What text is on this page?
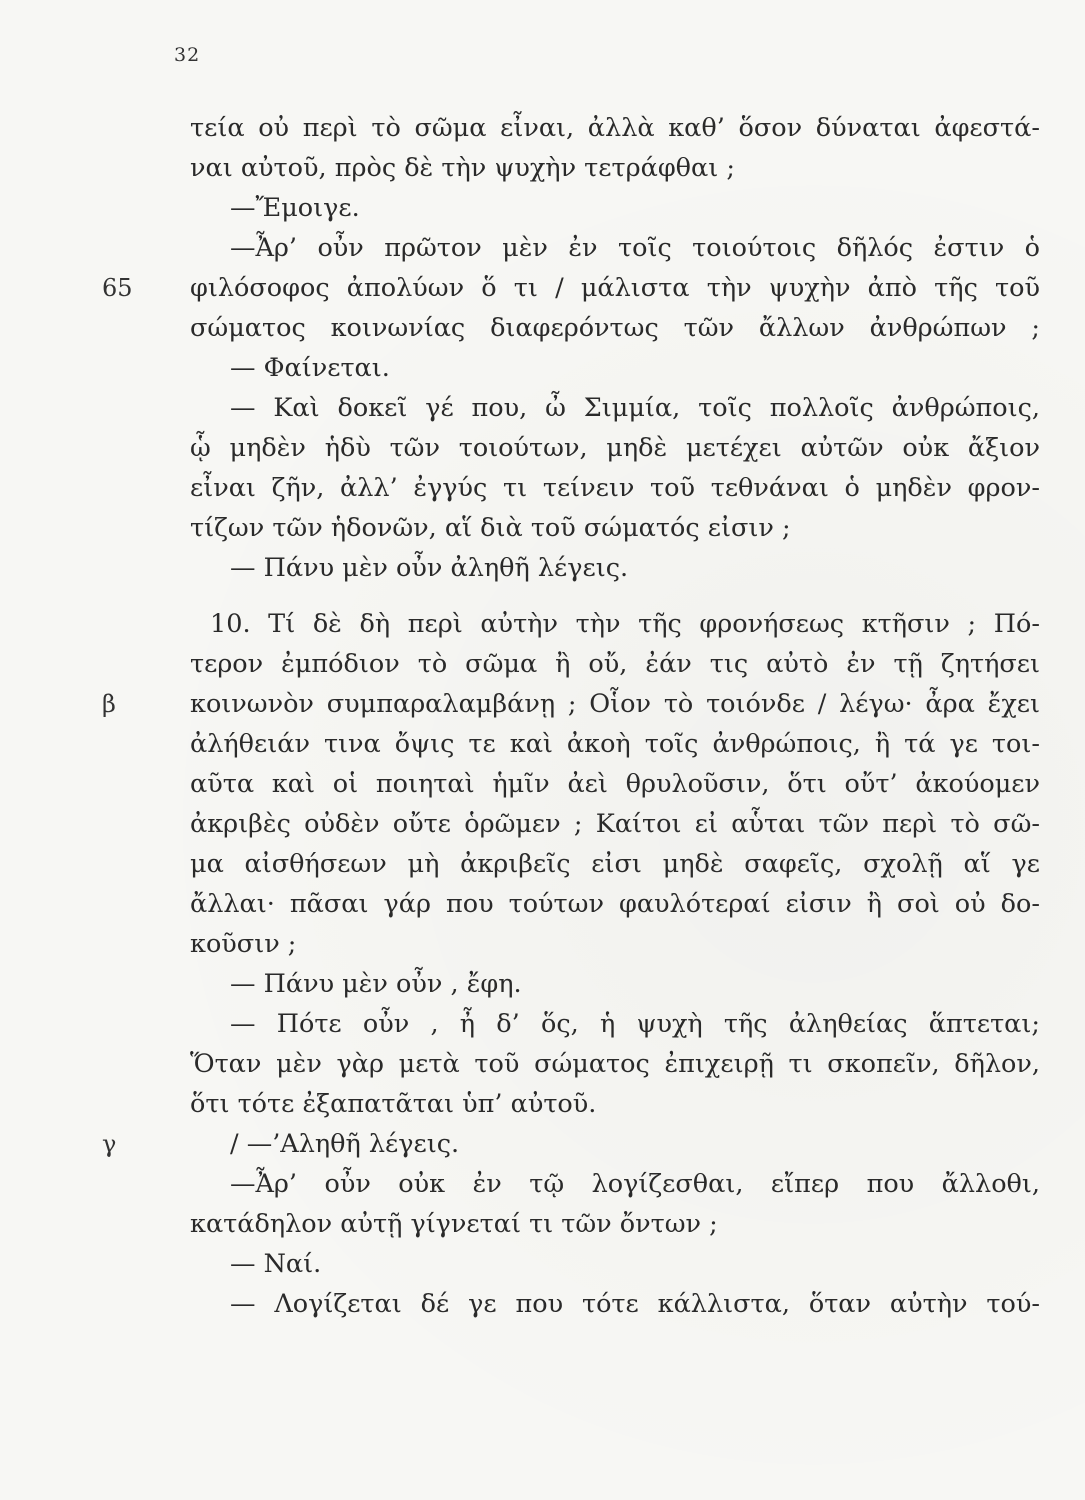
32
τεία οὐ περὶ τὸ σῶμα εἶναι, ἀλλὰ καθ’ ὅσον δύναται ἀφεστά-
ναι αὐτοῦ, πρὸς δὲ τὴν ψυχὴν τετράφθαι ;
—Ἔμοιγε.
—Ἆρ’ οὖν πρῶτον μὲν ἐν τοῖς τοιούτοις δῆλός ἐστιν ὁ
65	φιλόσοφος ἀπολύων ὅ τι / μάλιστα τὴν ψυχὴν ἀπὸ τῆς τοῦ
σώματος κοινωνίας διαφερόντως τῶν ἄλλων ἀνθρώπων ;
— Φαίνεται.
— Καὶ δοκεῖ γέ που, ὦ Σιμμία, τοῖς πολλοῖς ἀνθρώποις,
ᾧ μηδὲν ἡδὺ τῶν τοιούτων, μηδὲ μετέχει αὐτῶν οὐκ ἄξιον
εἶναι ζῆν, ἀλλ’ ἐγγύς τι τείνειν τοῦ τεθνάναι ὁ μηδὲν φρον-
τίζων τῶν ἡδονῶν, αἵ διὰ τοῦ σώματός εἰσιν ;
— Πάνυ μὲν οὖν ἀληθῆ λέγεις.
10. Τί δὲ δὴ περὶ αὐτὴν τὴν τῆς φρονήσεως κτῆσιν ; Πό-
τερον ἐμπόδιον τὸ σῶμα ἢ οὔ, ἐάν τις αὐτὸ ἐν τῇ ζητήσει
β	κοινωνὸν συμπαραλαμβάνῃ ; Οἷον τὸ τοιόνδε / λέγω· ἆρα ἔχει
ἀλήθειάν τινα ὄψις τε καὶ ἀκοὴ τοῖς ἀνθρώποις, ἢ τά γε τοι-
αῦτα καὶ οἱ ποιηταὶ ἡμῖν ἀεὶ θρυλοῦσιν, ὅτι οὔτ’ ἀκούομεν
ἀκριβὲς οὐδὲν οὔτε ὁρῶμεν ; Καίτοι εἰ αὗται τῶν περὶ τὸ σῶ-
μα αἰσθήσεων μὴ ἀκριβεῖς εἰσι μηδὲ σαφεῖς, σχολῇ αἵ γε
ἄλλαι· πᾶσαι γάρ που τούτων φαυλότεραί εἰσιν ἢ σοὶ οὐ δο-
κοῦσιν ;
— Πάνυ μὲν οὖν , ἔφη.
— Πότε οὖν , ἦ δ’ ὅς, ἡ ψυχὴ τῆς ἀληθείας ἅπτεται;
Ὅταν μὲν γὰρ μετὰ τοῦ σώματος ἐπιχειρῇ τι σκοπεῖν, δῆλον,
ὅτι τότε ἐξαπατᾶται ὑπ’ αὐτοῦ.
γ	/ —’Αληθῆ λέγεις.
—Ἆρ’ οὖν οὐκ ἐν τῷ λογίζεσθαι, εἴπερ που ἄλλοθι,
κατάδηλον αὐτῇ γίγνεταί τι τῶν ὄντων ;
— Ναί.
— Λογίζεται δέ γε που τότε κάλλιστα, ὅταν αὐτὴν τού-
